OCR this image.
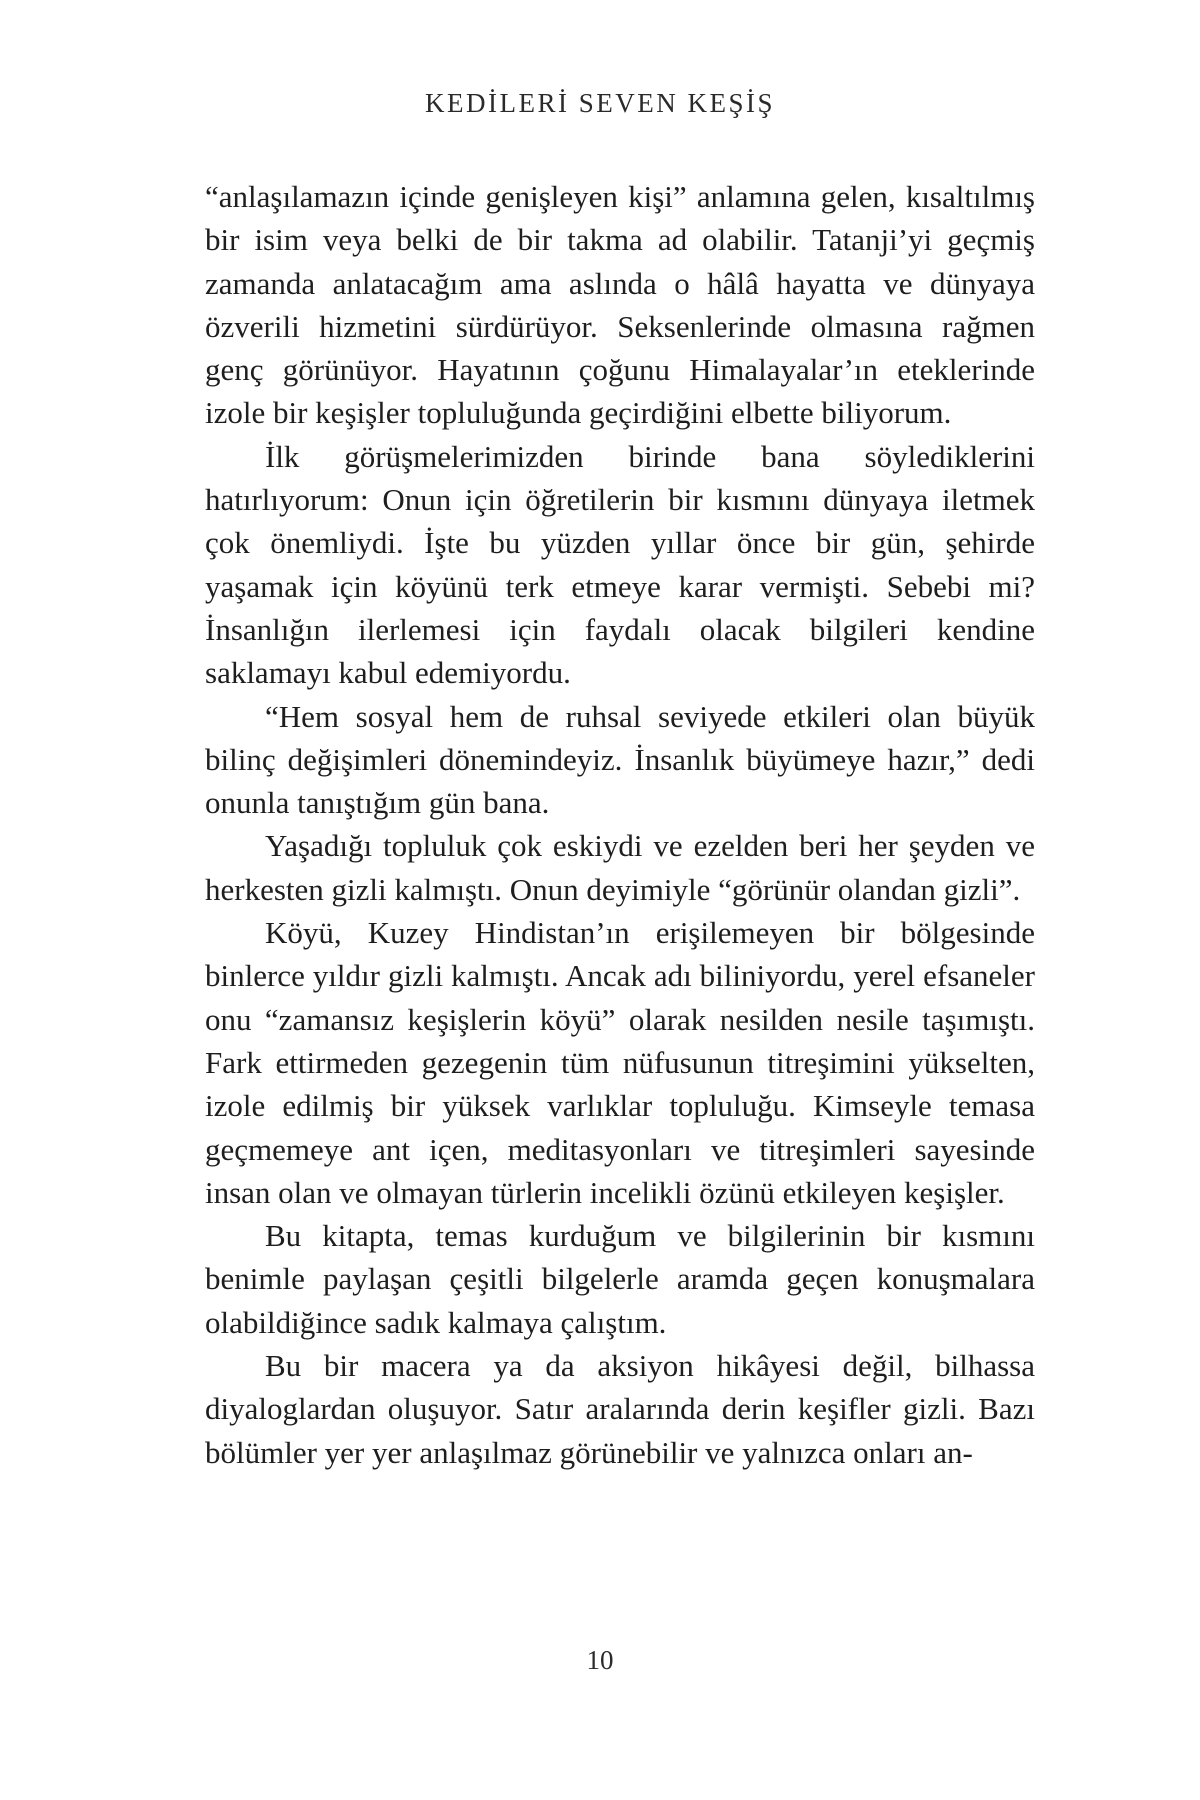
KEDİLERİ SEVEN KEŞİŞ

“anlaşılamazın içinde genişleyen kişi” anlamına gelen, kısaltılmış bir isim veya belki de bir takma ad olabilir. Tatanji’yi geçmiş zamanda anlatacağım ama aslında o hâlâ hayatta ve dünyaya özverili hizmetini sürdürüyor. Seksenlerinde olmasına rağmen genç görünüyor. Hayatının çoğunu Himalayalar’ın eteklerinde izole bir keşişler topluluğunda geçirdiğini elbette biliyorum.

İlk görüşmelerimizden birinde bana söylediklerini hatırlıyorum: Onun için öğretilerin bir kısmını dünyaya iletmek çok önemliydi. İşte bu yüzden yıllar önce bir gün, şehirde yaşamak için köyünü terk etmeye karar vermişti. Sebebi mi? İnsanlığın ilerlemesi için faydalı olacak bilgileri kendine saklamayı kabul edemiyordu.

“Hem sosyal hem de ruhsal seviyede etkileri olan büyük bilinç değişimleri dönemindeyiz. İnsanlık büyümeye hazır,” dedi onunla tanıştığım gün bana.

Yaşadığı topluluk çok eskiydi ve ezelden beri her şeyden ve herkesten gizli kalmıştı. Onun deyimiyle “görünür olandan gizli”.

Köyü, Kuzey Hindistan’ın erişilemeyen bir bölgesinde binlerce yıldır gizli kalmıştı. Ancak adı biliniyordu, yerel efsaneler onu “zamansız keşişlerin köyü” olarak nesilden nesile taşımıştı. Fark ettirmeden gezegenin tüm nüfusunun titreşimini yükselten, izole edilmiş bir yüksek varlıklar topluluğu. Kimseyle temasa geçmemeye ant içen, meditasyonları ve titreşimleri sayesinde insan olan ve olmayan türlerin incelikli özünü etkileyen keşişler.

Bu kitapta, temas kurduğum ve bilgilerinin bir kısmını benimle paylaşan çeşitli bilgelerle aramda geçen konuşmalara olabildiğince sadık kalmaya çalıştım.

Bu bir macera ya da aksiyon hikâyesi değil, bilhassa diyaloglardan oluşuyor. Satır aralarında derin keşifler gizli. Bazı bölümler yer yer anlaşılmaz görünebilir ve yalnızca onları an-

10
